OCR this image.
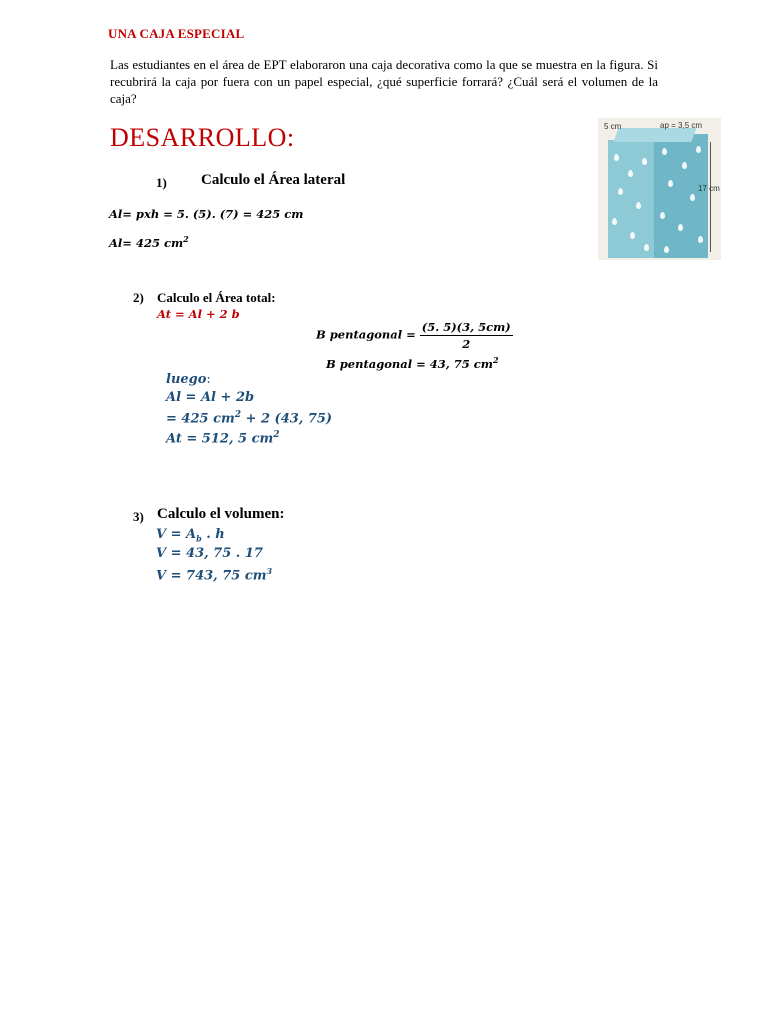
UNA CAJA ESPECIAL
Las estudiantes en el área de EPT elaboraron una caja decorativa como la que se muestra en la figura. Si recubrirá la caja por fuera con un papel especial, ¿qué superficie forrará? ¿Cuál será el volumen de la caja?
DESARROLLO:	5 cm	ap = 3,5 cm
17 cm
1) Calculo el Área lateral
Al= pxh = 5. (5). (7) = 425 cm
Al= 425 $cm^2$
2) Calculo el Área total:
At = Al + 2 b
B pentagonal = $\frac{(5. 5)(3, 5cm)}{2}$
B pentagonal = 43, 75 $cm^2$
luego:
Al = Al + 2b
= 425 $cm^2 + 2$ (43, 75)
At = 512, 5 $cm^2$
3) Calculo el volumen:
$V = A_b$ . h
V = 43, 75 . 17
V = 743, 75 $cm^3$
